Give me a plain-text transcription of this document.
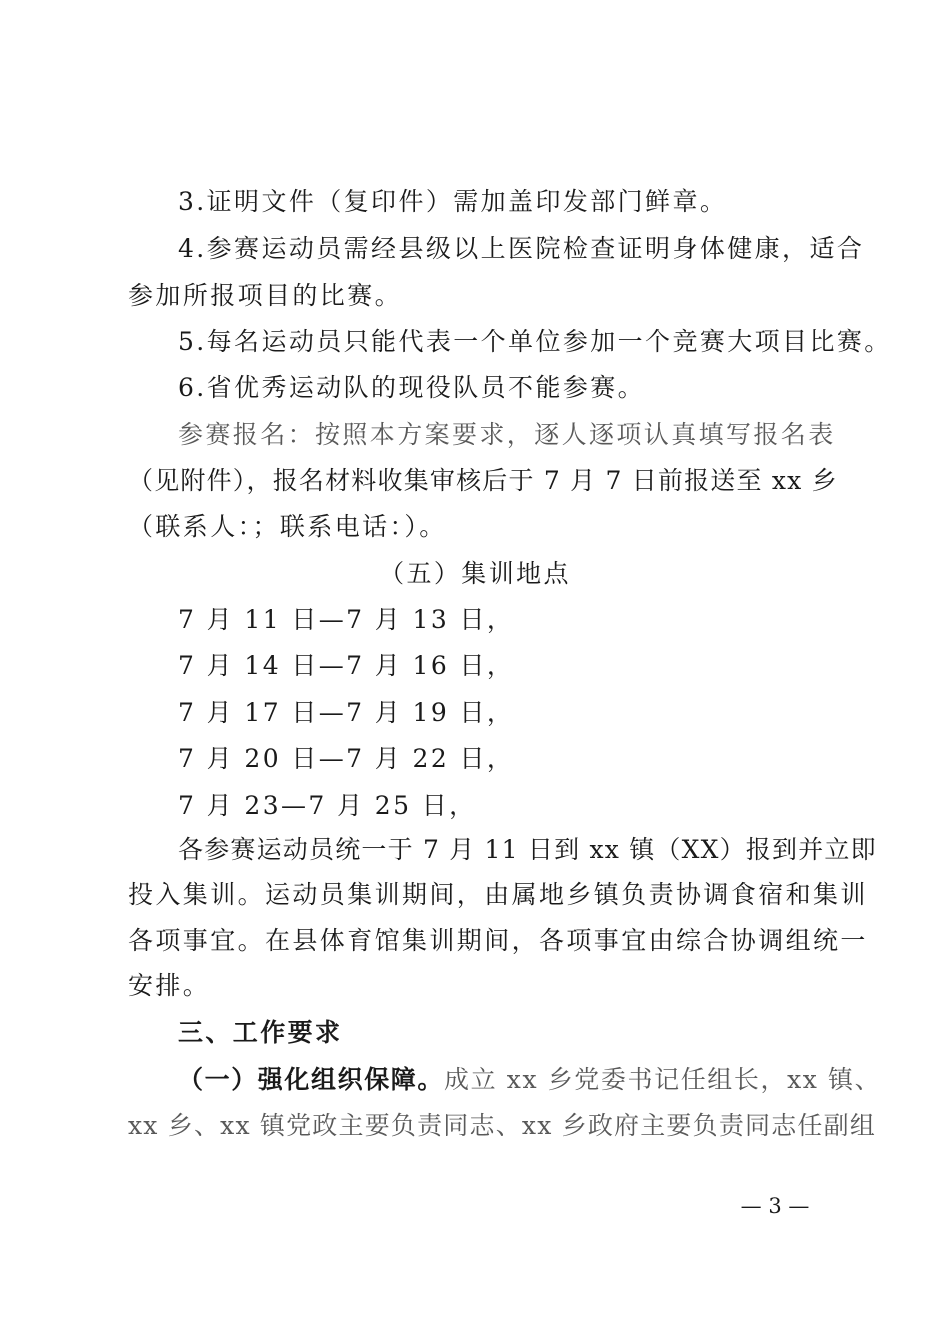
3.证明文件（复印件）需加盖印发部门鲜章。
4.参赛运动员需经县级以上医院检查证明身体健康，适合
参加所报项目的比赛。
5.每名运动员只能代表一个单位参加一个竞赛大项目比赛。
6.省优秀运动队的现役队员不能参赛。
参赛报名：按照本方案要求，逐人逐项认真填写报名表
（见附件），报名材料收集审核后于 7 月 7 日前报送至 xx 乡
（联系人：；联系电话：）。
（五）集训地点
7 月 11 日—7 月 13 日，
7 月 14 日—7 月 16 日，
7 月 17 日—7 月 19 日，
7 月 20 日—7 月 22 日，
7 月 23—7 月 25 日，
各参赛运动员统一于 7 月 11 日到 xx 镇（XX）报到并立即
投入集训。运动员集训期间，由属地乡镇负责协调食宿和集训
各项事宜。在县体育馆集训期间，各项事宜由综合协调组统一
安排。
三、工作要求
（一）强化组织保障。成立 xx 乡党委书记任组长，xx 镇、
xx 乡、xx 镇党政主要负责同志、xx 乡政府主要负责同志任副组
— 3 —
